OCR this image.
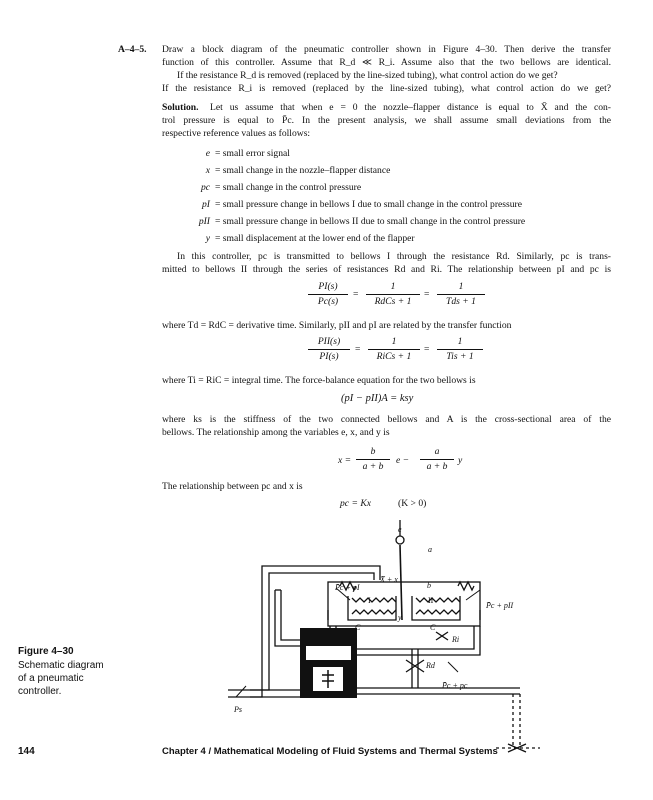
A–4–5. Draw a block diagram of the pneumatic controller shown in Figure 4–30. Then derive the transfer
function of this controller. Assume that R_d ≪ R_i. Assume also that the two bellows are identical.
If the resistance R_d is removed (replaced by the line-sized tubing), what control action do we get?
If the resistance R_i is removed (replaced by the line-sized tubing), what control action do we get?
Solution. Let us assume that when e = 0 the nozzle–flapper distance is equal to X̄ and the con-
trol pressure is equal to P̄c. In the present analysis, we shall assume small deviations from the
respective reference values as follows:
e = small error signal
x = small change in the nozzle–flapper distance
pc = small change in the control pressure
pI = small pressure change in bellows I due to small change in the control pressure
pII = small pressure change in bellows II due to small change in the control pressure
y = small displacement at the lower end of the flapper
In this controller, pc is transmitted to bellows I through the resistance Rd. Similarly, pc is trans-
mitted to bellows II through the series of resistances Rd and Ri. The relationship between pI and pc is
PI(s)
Pc(s)
=
1
RdCs + 1
=
1
Tds + 1
where Td = RdC = derivative time. Similarly, pII and pI are related by the transfer function
PII(s)
PI(s)
=
1
RiCs + 1
=
1
Tis + 1
where Ti = RiC = integral time. The force-balance equation for the two bellows is
(pI − pII)A = ksy
where ks is the stiffness of the two connected bellows and A is the cross-sectional area of the
bellows. The relationship among the variables e, x, and y is
x =
b
a + b
e −
a
a + b
y
The relationship between pc and x is
pc = Kx	(K > 0)
e
a
b
X̄ + x
P̄c + pI
I	II
P̄c + pII
C	C
y
Ri
Rd
P̄c + pc
Ps
Figure 4–30
Schematic diagram
of a pneumatic
controller.
144	Chapter 4 / Mathematical Modeling of Fluid Systems and Thermal Systems
